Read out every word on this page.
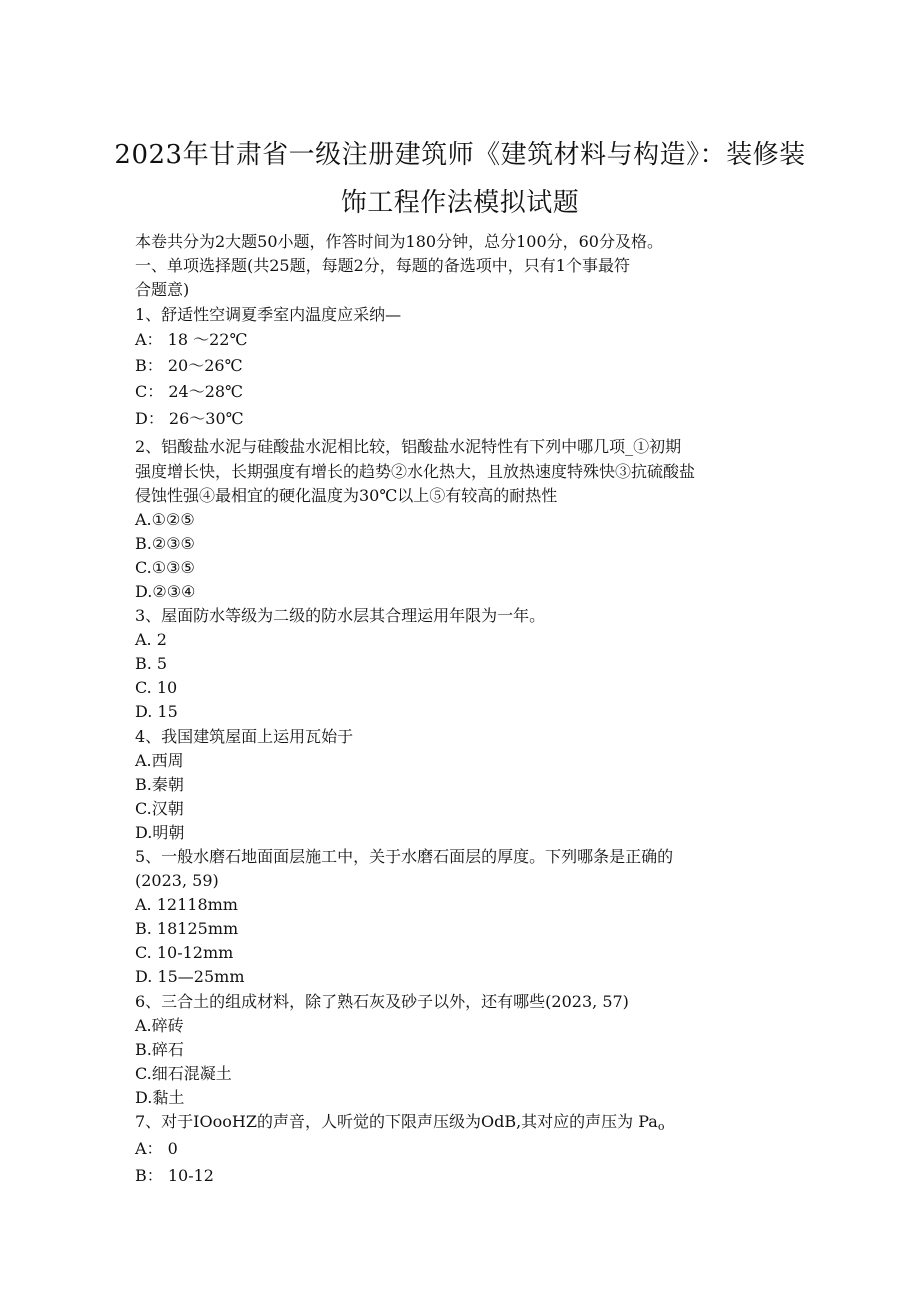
2023年甘肃省一级注册建筑师《建筑材料与构造》：装修装
饰工程作法模拟试题
本卷共分为2大题50小题，作答时间为180分钟，总分100分，60分及格。
一、单项选择题(共25题，每题2分，每题的备选项中，只有1个事最符
合题意)
1、舒适性空调夏季室内温度应采纳—
A： 18 ～22℃
B： 20～26℃
C： 24～28℃
D： 26～30℃
2、铝酸盐水泥与硅酸盐水泥相比较，铝酸盐水泥特性有下列中哪几项_①初期
强度增长快，长期强度有增长的趋势②水化热大，且放热速度特殊快③抗硫酸盐
侵蚀性强④最相宜的硬化温度为30℃以上⑤有较高的耐热性
A.①②⑤
B.②③⑤
C.①③⑤
D.②③④
3、屋面防水等级为二级的防水层其合理运用年限为一年。
A. 2
B. 5
C. 10
D. 15
4、我国建筑屋面上运用瓦始于
A.西周
B.秦朝
C.汉朝
D.明朝
5、一般水磨石地面面层施工中，关于水磨石面层的厚度。下列哪条是正确的
(2023, 59)
A. 12118mm
B. 18125mm
C. 10-12mm
D. 15—25mm
6、三合土的组成材料，除了熟石灰及砂子以外，还有哪些(2023, 57)
A.碎砖
B.碎石
C.细石混凝土
D.黏土
7、对于IOooHZ的声音，人听觉的下限声压级为OdB,其对应的声压为 $Pa_o$
A： 0
B： 10-12
